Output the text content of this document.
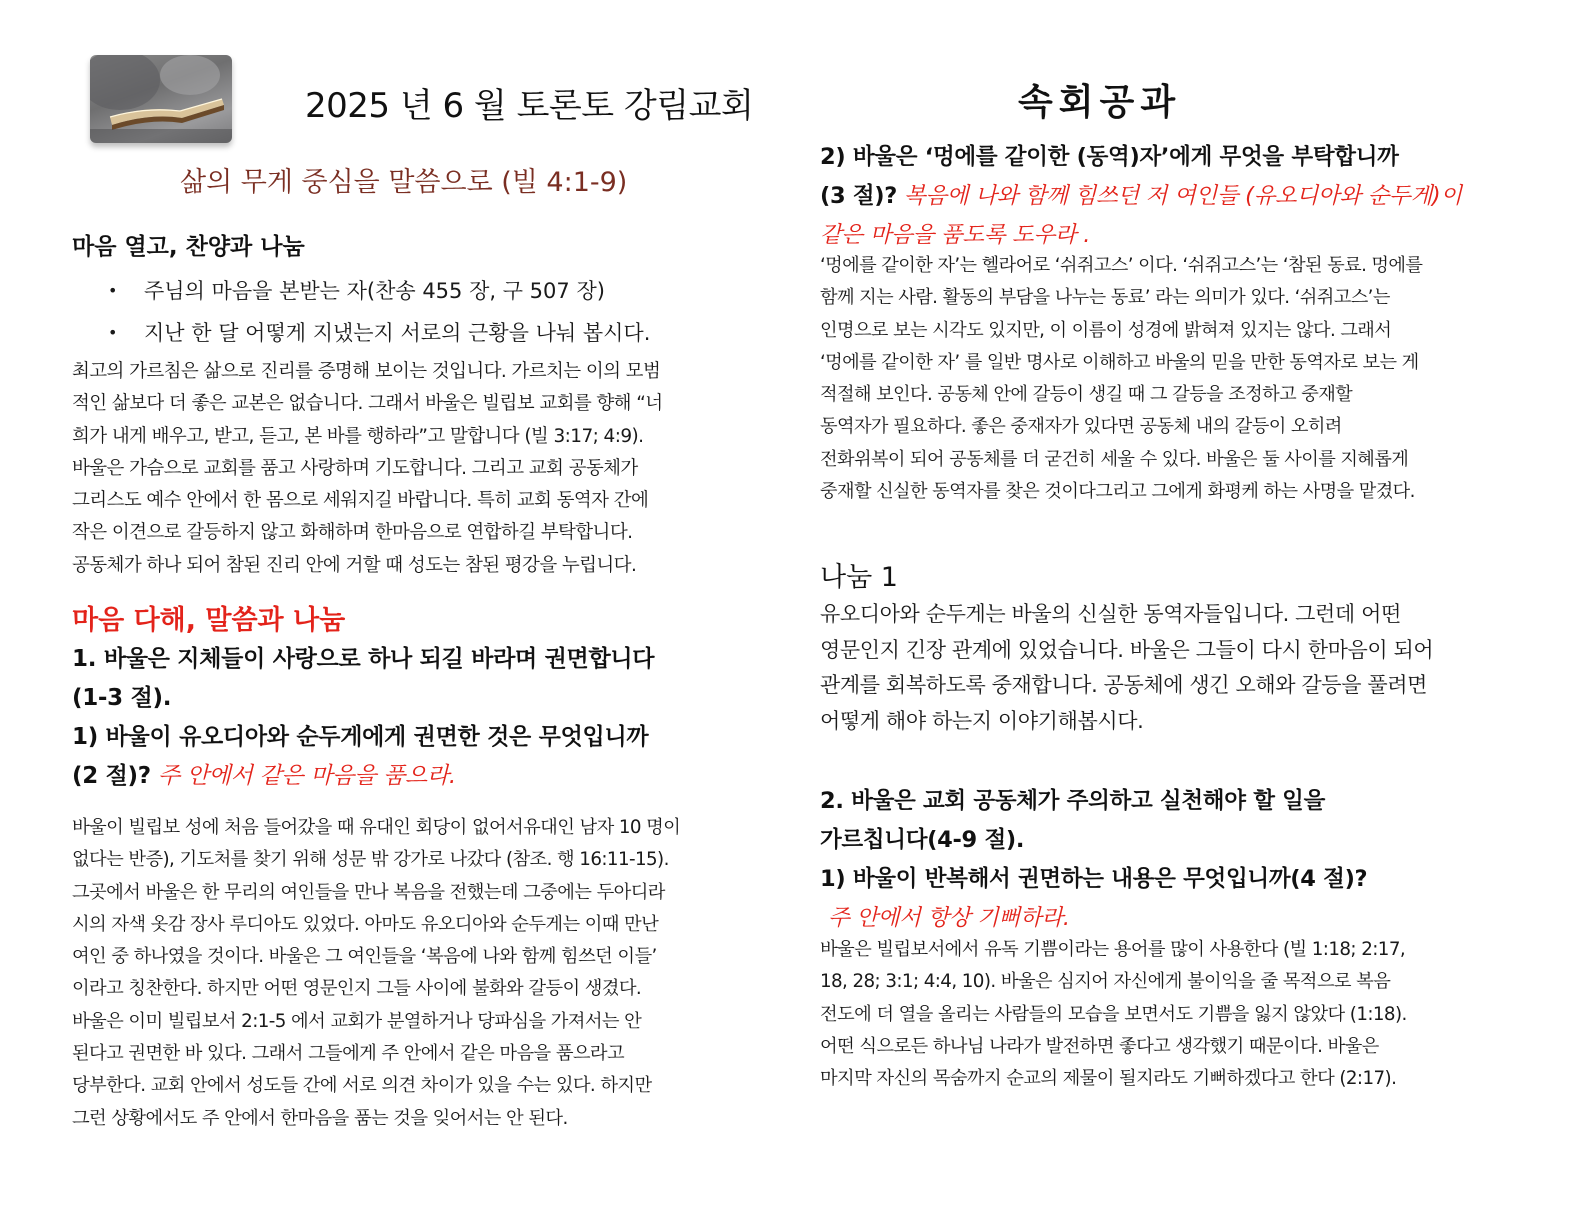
2025 년 6 월 토론토 강림교회	속회공과
삶의 무게 중심을 말씀으로 (빌 4:1-9)
마음 열고, 찬양과 나눔
• 주님의 마음을 본받는 자(찬송 455 장, 구 507 장)
• 지난 한 달 어떻게 지냈는지 서로의 근황을 나눠 봅시다.
최고의 가르침은 삶으로 진리를 증명해 보이는 것입니다. 가르치는 이의 모범
적인 삶보다 더 좋은 교본은 없습니다. 그래서 바울은 빌립보 교회를 향해 “너
희가 내게 배우고, 받고, 듣고, 본 바를 행하라”고 말합니다 (빌 3:17; 4:9).
바울은 가슴으로 교회를 품고 사랑하며 기도합니다. 그리고 교회 공동체가
그리스도 예수 안에서 한 몸으로 세워지길 바랍니다. 특히 교회 동역자 간에
작은 이견으로 갈등하지 않고 화해하며 한마음으로 연합하길 부탁합니다.
공동체가 하나 되어 참된 진리 안에 거할 때 성도는 참된 평강을 누립니다.
마음 다해, 말씀과 나눔
1. 바울은 지체들이 사랑으로 하나 되길 바라며 권면합니다
(1-3 절).
1) 바울이 유오디아와 순두게에게 권면한 것은 무엇입니까
(2 절)? 주 안에서 같은 마음을 품으라.
바울이 빌립보 성에 처음 들어갔을 때 유대인 회당이 없어서유대인 남자 10 명이
없다는 반증), 기도처를 찾기 위해 성문 밖 강가로 나갔다 (참조. 행 16:11-15).
그곳에서 바울은 한 무리의 여인들을 만나 복음을 전했는데 그중에는 두아디라
시의 자색 옷감 장사 루디아도 있었다. 아마도 유오디아와 순두게는 이때 만난
여인 중 하나였을 것이다. 바울은 그 여인들을 ‘복음에 나와 함께 힘쓰던 이들’
이라고 칭찬한다. 하지만 어떤 영문인지 그들 사이에 불화와 갈등이 생겼다.
바울은 이미 빌립보서 2:1-5 에서 교회가 분열하거나 당파심을 가져서는 안
된다고 권면한 바 있다. 그래서 그들에게 주 안에서 같은 마음을 품으라고
당부한다. 교회 안에서 성도들 간에 서로 의견 차이가 있을 수는 있다. 하지만
그런 상황에서도 주 안에서 한마음을 품는 것을 잊어서는 안 된다.
2) 바울은 ‘멍에를 같이한 (동역)자’에게 무엇을 부탁합니까
(3 절)? 복음에 나와 함께 힘쓰던 저 여인들 (유오디아와 순두게)이
같은 마음을 품도록 도우라 .
‘멍에를 같이한 자’는 헬라어로 ‘쉬쥐고스’ 이다. ‘쉬쥐고스’는 ‘참된 동료. 멍에를
함께 지는 사람. 활동의 부담을 나누는 동료’ 라는 의미가 있다. ‘쉬쥐고스’는
인명으로 보는 시각도 있지만, 이 이름이 성경에 밝혀져 있지는 않다. 그래서
‘멍에를 같이한 자’ 를 일반 명사로 이해하고 바울의 믿을 만한 동역자로 보는 게
적절해 보인다. 공동체 안에 갈등이 생길 때 그 갈등을 조정하고 중재할
동역자가 필요하다. 좋은 중재자가 있다면 공동체 내의 갈등이 오히려
전화위복이 되어 공동체를 더 굳건히 세울 수 있다. 바울은 둘 사이를 지혜롭게
중재할 신실한 동역자를 찾은 것이다그리고 그에게 화평케 하는 사명을 맡겼다.
나눔 1
유오디아와 순두게는 바울의 신실한 동역자들입니다. 그런데 어떤
영문인지 긴장 관계에 있었습니다. 바울은 그들이 다시 한마음이 되어
관계를 회복하도록 중재합니다. 공동체에 생긴 오해와 갈등을 풀려면
어떻게 해야 하는지 이야기해봅시다.
2. 바울은 교회 공동체가 주의하고 실천해야 할 일을
가르칩니다(4-9 절).
1) 바울이 반복해서 권면하는 내용은 무엇입니까(4 절)?
주 안에서 항상 기뻐하라.
바울은 빌립보서에서 유독 기쁨이라는 용어를 많이 사용한다 (빌 1:18; 2:17,
18, 28; 3:1; 4:4, 10). 바울은 심지어 자신에게 불이익을 줄 목적으로 복음
전도에 더 열을 올리는 사람들의 모습을 보면서도 기쁨을 잃지 않았다 (1:18).
어떤 식으로든 하나님 나라가 발전하면 좋다고 생각했기 때문이다. 바울은
마지막 자신의 목숨까지 순교의 제물이 될지라도 기뻐하겠다고 한다 (2:17).
